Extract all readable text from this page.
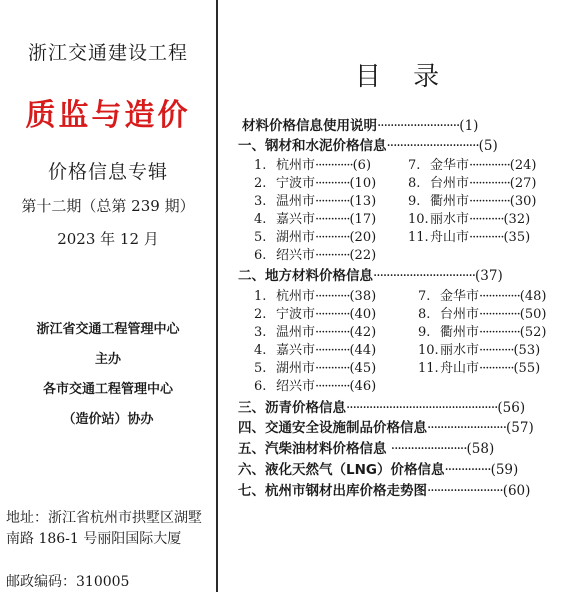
浙江交通建设工程
质监与造价
价格信息专辑
第十二期（总第 239 期）
2023 年 12 月
浙江省交通工程管理中心
主办
各市交通工程管理中心
（造价站）协办
地址：浙江省杭州市拱墅区湖墅南路 186-1 号丽阳国际大厦
邮政编码：310005
目 录
材料价格信息使用说明·························(1)
一、钢材和水泥价格信息····························(5)
1. 杭州市············(6)	7. 金华市·············(24)
2. 宁波市···········(10) 8. 台州市·············(27)
3. 温州市···········(13) 9. 衢州市·············(30)
4. 嘉兴市···········(17) 10.丽水市···········(32)
5. 湖州市···········(20) 11.舟山市···········(35)
6. 绍兴市···········(22)
二、地方材料价格信息·······························(37)
1. 杭州市···········(38)	7. 金华市·············(48)
2. 宁波市···········(40)	8. 台州市·············(50)
3. 温州市···········(42)	9. 衢州市·············(52)
4. 嘉兴市···········(44)	10.丽水市···········(53)
5. 湖州市···········(45)	11.舟山市···········(55)
6. 绍兴市···········(46)
三、沥青价格信息··············································(56)
四、交通安全设施制品价格信息························(57)
五、汽柴油材料价格信息 ·······················(58)
六、液化天然气（LNG）价格信息··············(59)
七、杭州市钢材出库价格走势图·······················(60)
